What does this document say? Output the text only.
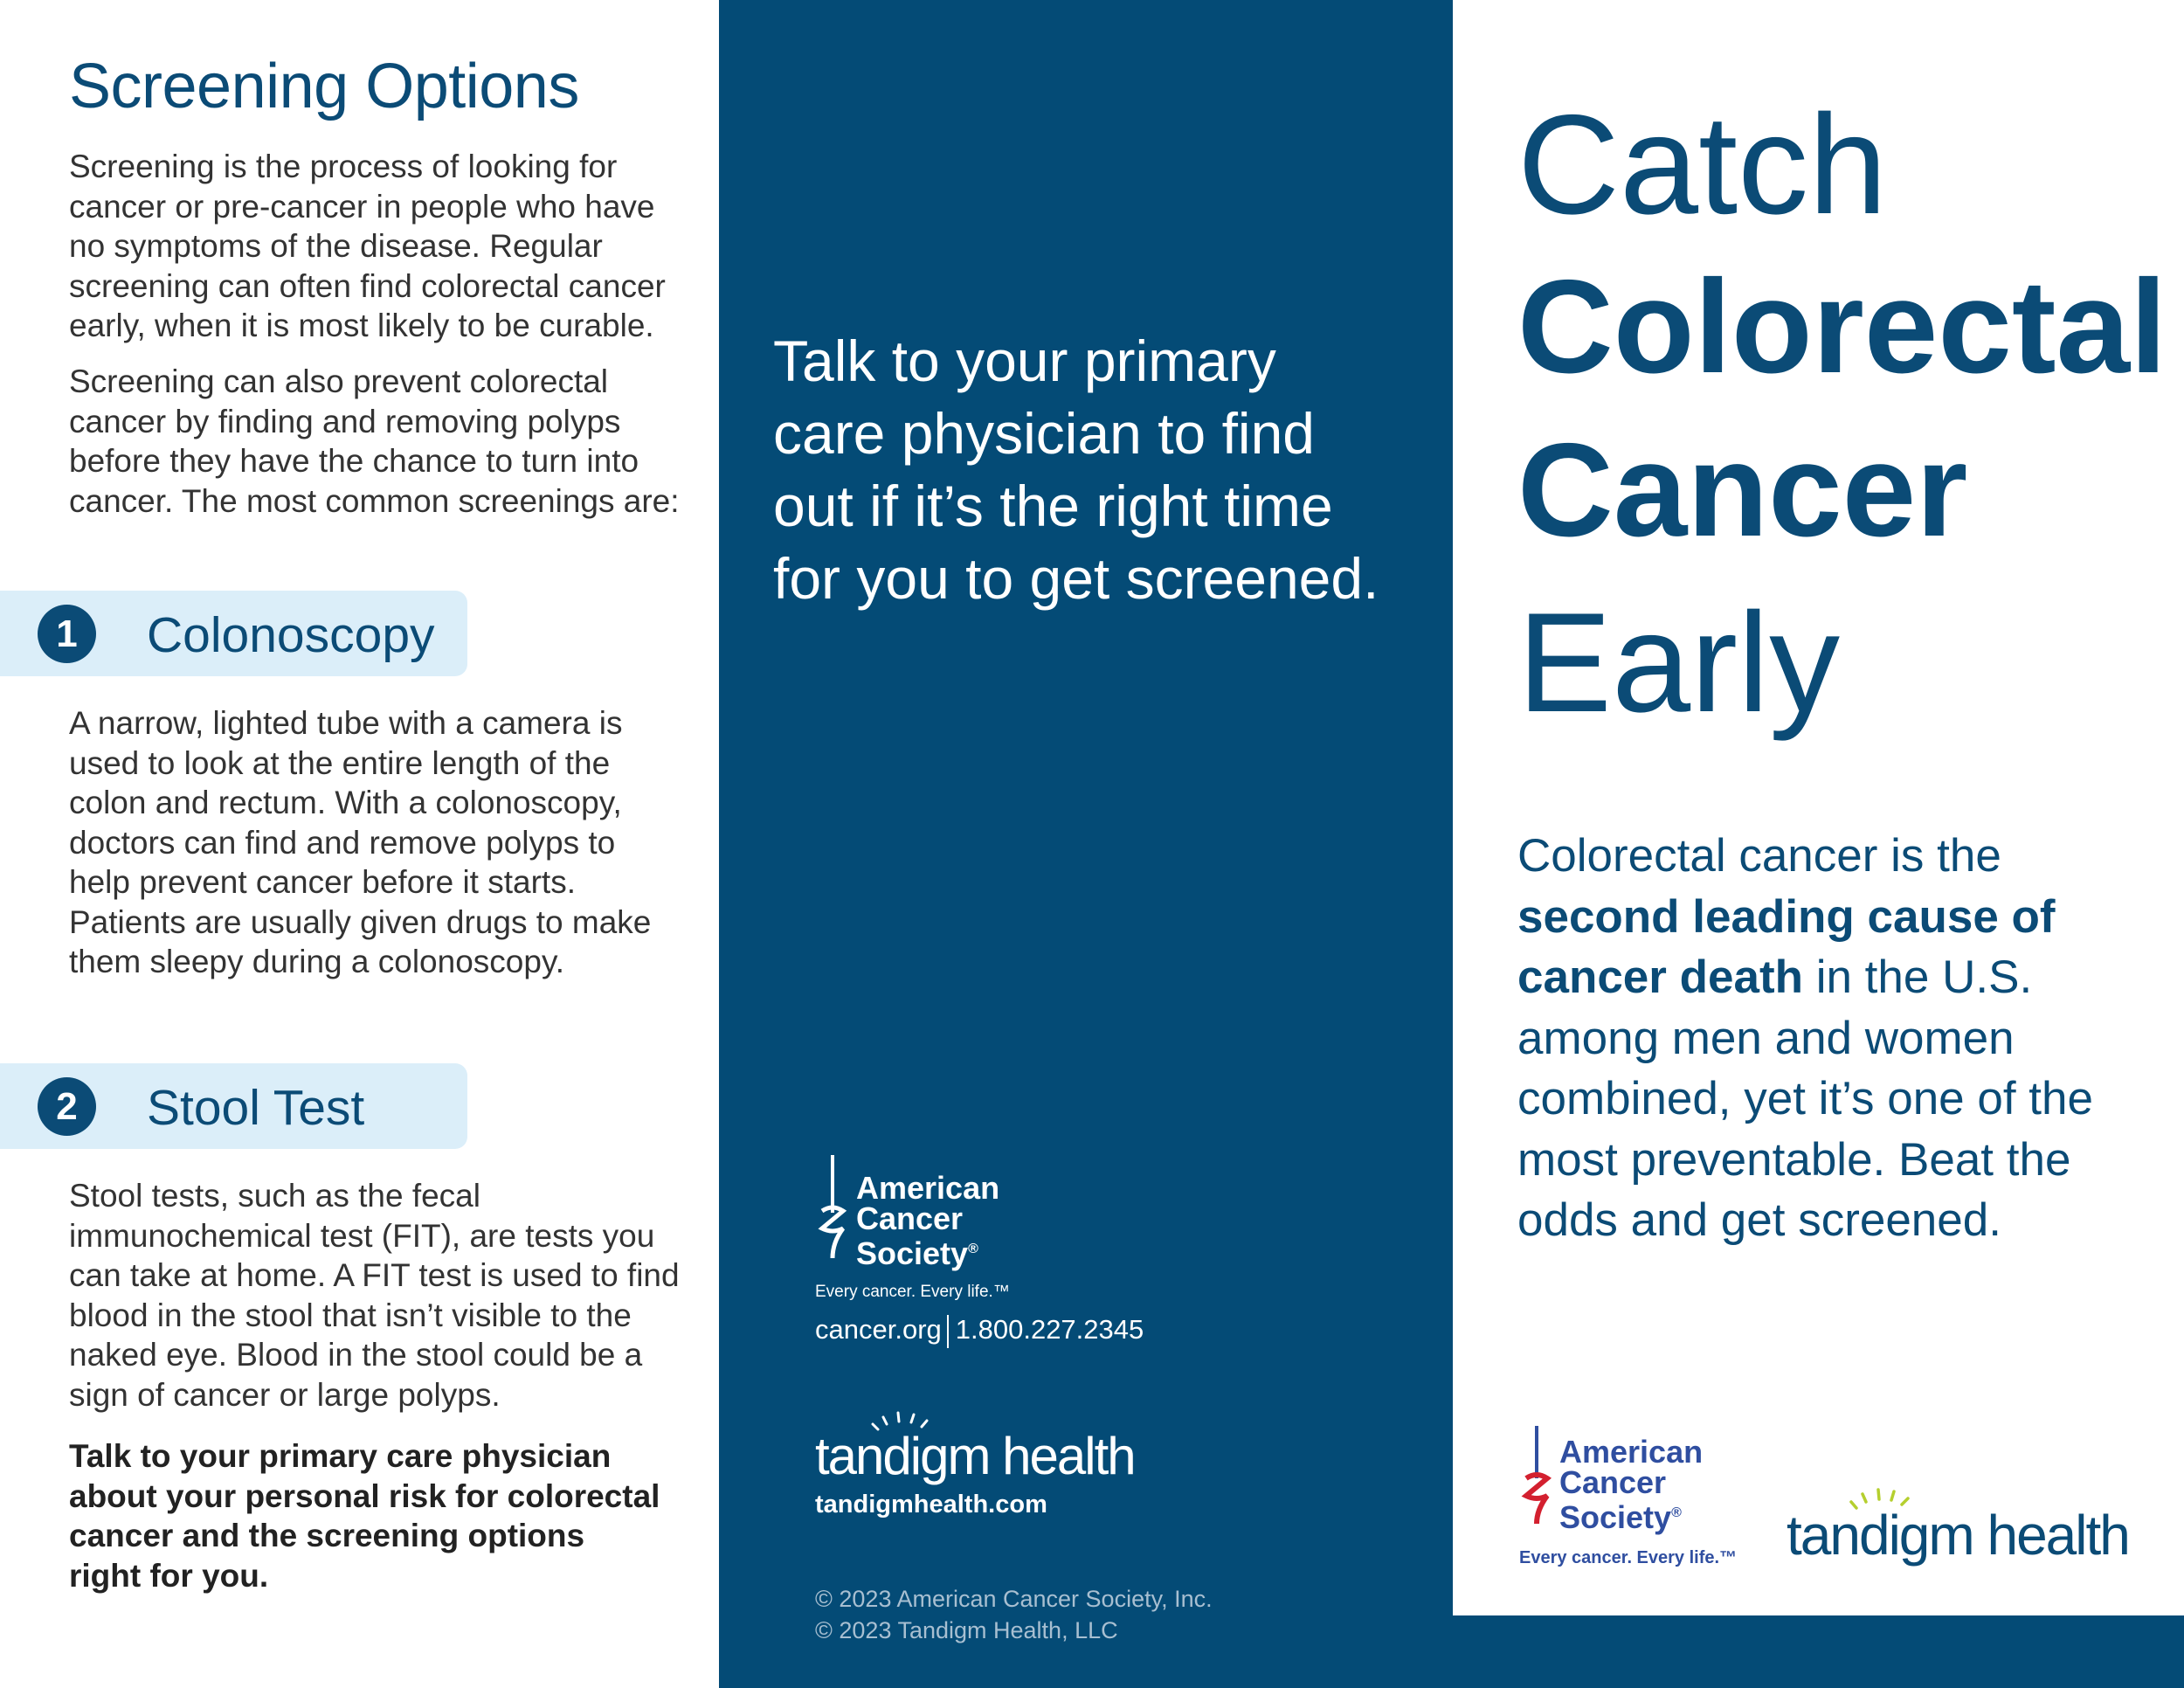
Screening Options

Screening is the process of looking for cancer or pre-cancer in people who have no symptoms of the disease. Regular screening can often find colorectal cancer early, when it is most likely to be curable.

Screening can also prevent colorectal cancer by finding and removing polyps before they have the chance to turn into cancer. The most common screenings are:

1	Colonoscopy

A narrow, lighted tube with a camera is used to look at the entire length of the colon and rectum. With a colonoscopy, doctors can find and remove polyps to help prevent cancer before it starts. Patients are usually given drugs to make them sleepy during a colonoscopy.

2	Stool Test

Stool tests, such as the fecal immunochemical test (FIT), are tests you can take at home. A FIT test is used to find blood in the stool that isn’t visible to the naked eye. Blood in the stool could be a sign of cancer or large polyps.

Talk to your primary care physician about your personal risk for colorectal cancer and the screening options right for you.

Talk to your primary care physician to find out if it’s the right time for you to get screened.
American Cancer Society®
Every cancer. Every life.™
cancer.org 1.800.227.2345
tandigm health
tandigmhealth.com
© 2023 American Cancer Society, Inc.
© 2023 Tandigm Health, LLC
Catch
Colorectal
Cancer
Early

Colorectal cancer is the second leading cause of cancer death in the U.S. among men and women combined, yet it’s one of the most preventable. Beat the odds and get screened.

American Cancer Society®
Every cancer. Every life.™ tandigm health
